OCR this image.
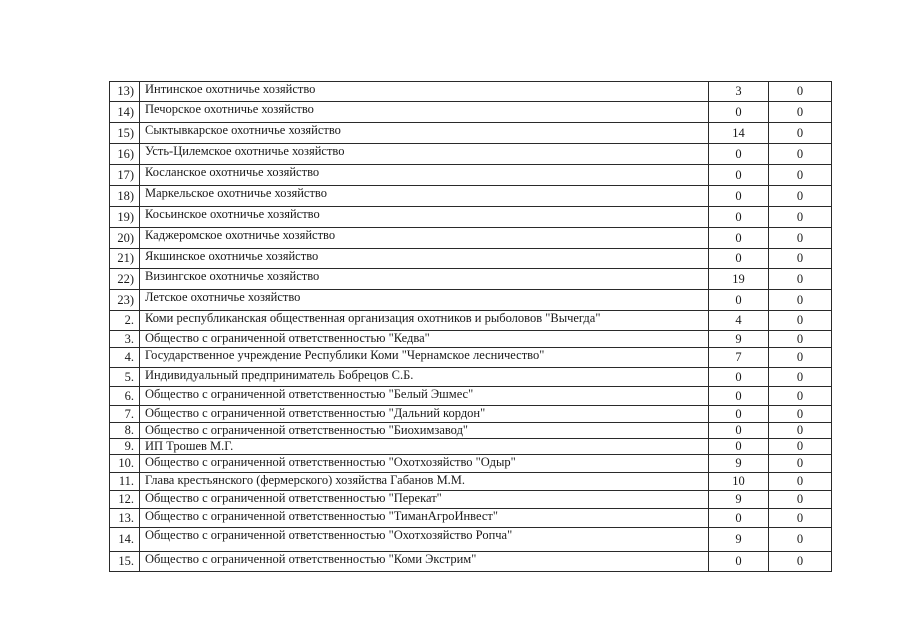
13)	Интинское охотничье хозяйство	3	0
14)	Печорское охотничье хозяйство	0	0
15)	Сыктывкарское охотничье хозяйство	14	0
16)	Усть-Цилемское охотничье хозяйство	0	0
17)	Косланское охотничье хозяйство	0	0
18)	Маркельское охотничье хозяйство	0	0
19)	Косьинское охотничье хозяйство	0	0
20)	Каджеромское охотничье хозяйство	0	0
21)	Якшинское охотничье хозяйство	0	0
22)	Визингское охотничье хозяйство	19	0
23)	Летское охотничье хозяйство	0	0
2.	Коми республиканская общественная организация охотников и рыболовов "Вычегда"	4	0
3.	Общество с ограниченной ответственностью "Кедва"	9	0
4.	Государственное учреждение Республики Коми "Чернамское лесничество"	7	0
5.	Индивидуальный предприниматель Бобрецов С.Б.	0	0
6.	Общество с ограниченной ответственностью "Белый Эшмес"	0	0
7.	Общество с ограниченной ответственностью "Дальний кордон"	0	0
8.	Общество с ограниченной ответственностью "Биохимзавод"	0	0
9.	ИП Трошев М.Г.	0	0
10.	Общество с ограниченной ответственностью "Охотхозяйство "Одыр"	9	0
11.	Глава крестьянского (фермерского) хозяйства Габанов М.М.	10	0
12.	Общество с ограниченной ответственностью "Перекат"	9	0
13.	Общество с ограниченной ответственностью "ТиманАгроИнвест"	0	0
14.	Общество с ограниченной ответственностью "Охотхозяйство Ропча"	9	0
15.	Общество с ограниченной ответственностью "Коми Экстрим"	0	0
